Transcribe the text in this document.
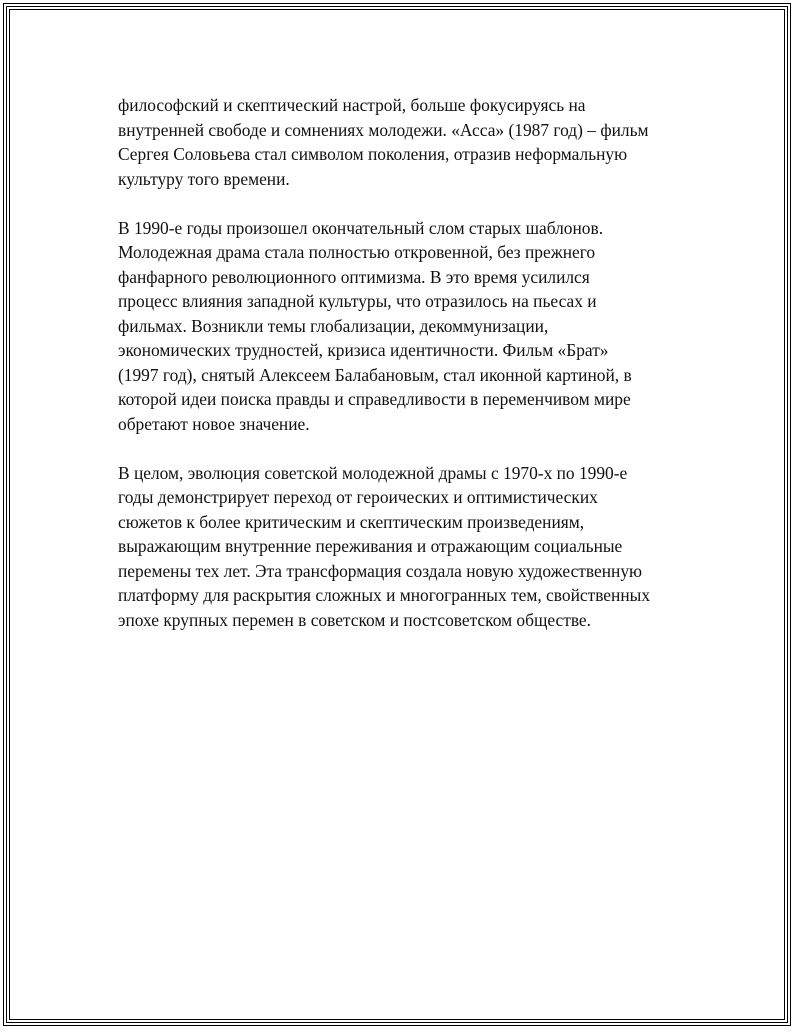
философский и скептический настрой, больше фокусируясь на
внутренней свободе и сомнениях молодежи. «Асса» (1987 год) – фильм
Сергея Соловьева стал символом поколения, отразив неформальную
культуру того времени.

В 1990-е годы произошел окончательный слом старых шаблонов.
Молодежная драма стала полностью откровенной, без прежнего
фанфарного революционного оптимизма. В это время усилился
процесс влияния западной культуры, что отразилось на пьесах и
фильмах. Возникли темы глобализации, декоммунизации,
экономических трудностей, кризиса идентичности. Фильм «Брат»
(1997 год), снятый Алексеем Балабановым, стал иконной картиной, в
которой идеи поиска правды и справедливости в переменчивом мире
обретают новое значение.

В целом, эволюция советской молодежной драмы с 1970-х по 1990-е
годы демонстрирует переход от героических и оптимистических
сюжетов к более критическим и скептическим произведениям,
выражающим внутренние переживания и отражающим социальные
перемены тех лет. Эта трансформация создала новую художественную
платформу для раскрытия сложных и многогранных тем, свойственных
эпохе крупных перемен в советском и постсоветском обществе.
